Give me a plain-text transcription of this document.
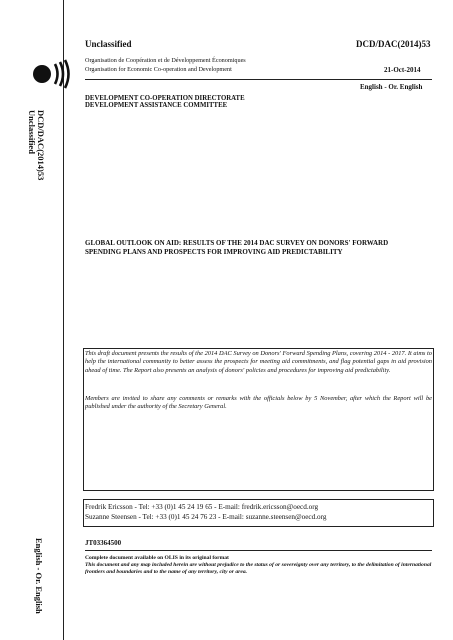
DCD/DAC(2014)53
Unclassified
English - Or. English
Unclassified	DCD/DAC(2014)53
Organisation de Coopération et de Développement Économiques
Organisation for Economic Co-operation and Development	21-Oct-2014
English - Or. English
DEVELOPMENT CO-OPERATION DIRECTORATE
DEVELOPMENT ASSISTANCE COMMITTEE
GLOBAL OUTLOOK ON AID: RESULTS OF THE 2014 DAC SURVEY ON DONORS' FORWARD
SPENDING PLANS AND PROSPECTS FOR IMPROVING AID PREDICTABILITY
This draft document presents the results of the 2014 DAC Survey on Donors' Forward Spending Plans, covering 2014 - 2017. It aims to help the international community to better assess the prospects for meeting aid commitments, and flag potential gaps in aid provision ahead of time. The Report also presents an analysis of donors' policies and procedures for improving aid predictability.
Members are invited to share any comments or remarks with the officials below by 5 November, after which the Report will be published under the authority of the Secretary General.
Fredrik Ericsson - Tel: +33 (0)1 45 24 19 65 - E-mail: fredrik.ericsson@oecd.org
Suzanne Steensen - Tel: +33 (0)1 45 24 76 23 - E-mail: suzanne.steensen@oecd.org
JT03364500
Complete document available on OLIS in its original format
This document and any map included herein are without prejudice to the status of or sovereignty over any territory, to the delimitation of international frontiers and boundaries and to the name of any territory, city or area.
